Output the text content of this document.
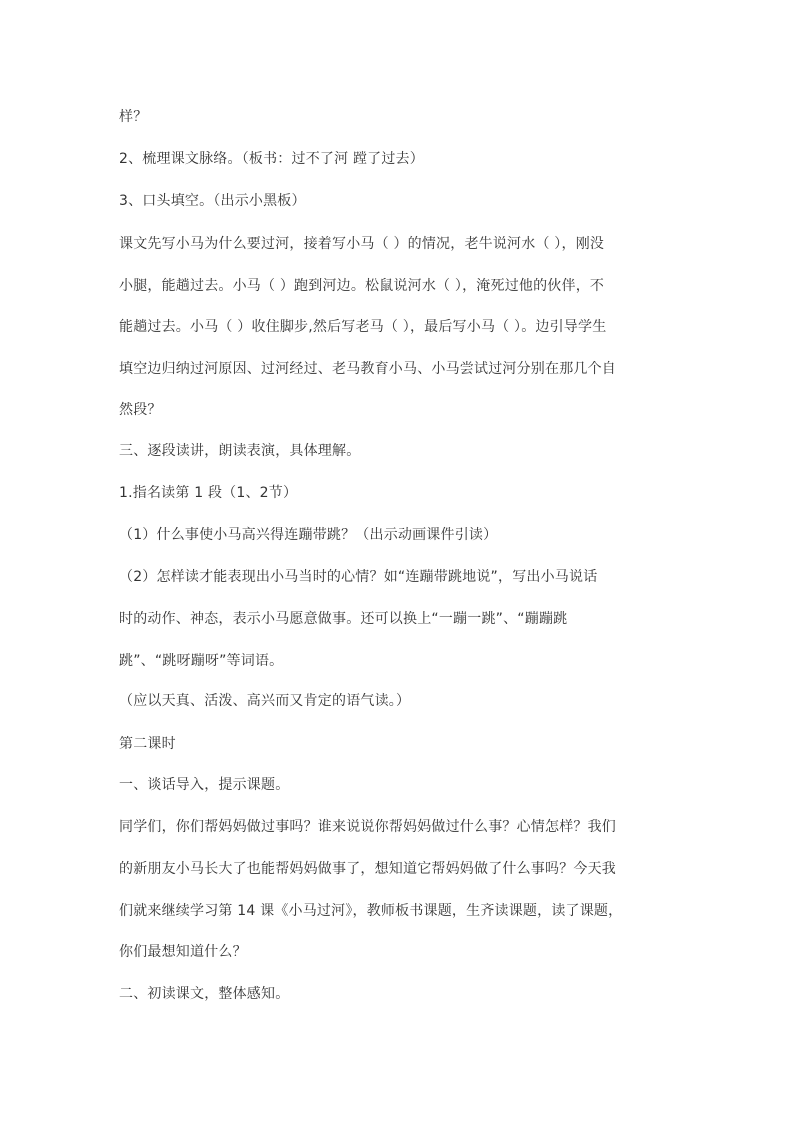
样？
2、梳理课文脉络。（板书：过不了河 蹚了过去）
3、口头填空。（出示小黑板）
课文先写小马为什么要过河，接着写小马（ ）的情况，老牛说河水（ ），刚没
小腿，能趟过去。小马（ ）跑到河边。松鼠说河水（ ），淹死过他的伙伴，不
能趟过去。小马（ ）收住脚步,然后写老马（ ），最后写小马（ ）。边引导学生
填空边归纳过河原因、过河经过、老马教育小马、小马尝试过河分别在那几个自
然段？
三、逐段读讲，朗读表演，具体理解。
1.指名读第 1 段（1、2节）
（1）什么事使小马高兴得连蹦带跳？（出示动画课件引读）
（2）怎样读才能表现出小马当时的心情？如“连蹦带跳地说”，写出小马说话
时的动作、神态，表示小马愿意做事。还可以换上“一蹦一跳”、“蹦蹦跳
跳”、“跳呀蹦呀”等词语。
（应以天真、活泼、高兴而又肯定的语气读。）
第二课时
一、谈话导入，提示课题。
同学们，你们帮妈妈做过事吗？谁来说说你帮妈妈做过什么事？心情怎样？我们
的新朋友小马长大了也能帮妈妈做事了，想知道它帮妈妈做了什么事吗？今天我
们就来继续学习第 14 课《小马过河》，教师板书课题，生齐读课题，读了课题，
你们最想知道什么？
二、初读课文，整体感知。
